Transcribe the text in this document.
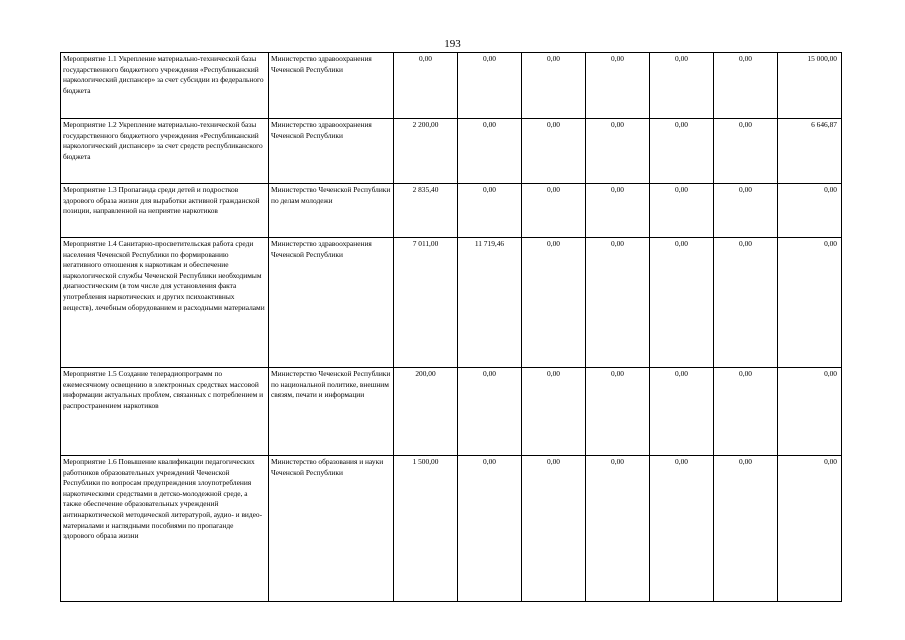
193
Мероприятие 1.1 Укрепление материально-технической базы государственного бюджетного учреждения «Республиканский наркологический диспансер» за счет субсидии из федерального бюджета	Министерство здравоохранения Чеченской Республики	0,00	0,00	0,00	0,00	0,00	0,00	15 000,00
Мероприятие 1.2 Укрепление материально-технической базы государственного бюджетного учреждения «Республиканский наркологический диспансер» за счет средств республиканского бюджета	Министерство здравоохранения Чеченской Республики	2 200,00	0,00	0,00	0,00	0,00	0,00	6 646,87
Мероприятие 1.3 Пропаганда среди детей и подростков здорового образа жизни для выработки активной гражданской позиции, направленной на неприятие наркотиков	Министерство Чеченской Республики по делам молодежи	2 835,40	0,00	0,00	0,00	0,00	0,00	0,00
Мероприятие 1.4 Санитарно-просветительская работа среди населения Чеченской Республики по формированию негативного отношения к наркотикам и обеспечение наркологической службы Чеченской Республики необходимым диагностическим (в том числе для установления факта употребления наркотических и других психоактивных веществ), лечебным оборудованием и расходными материалами	Министерство здравоохранения Чеченской Республики	7 011,00	11 719,46	0,00	0,00	0,00	0,00	0,00
Мероприятие 1.5 Создание телерадиопрограмм по ежемесячному освещению в электронных средствах массовой информации актуальных проблем, связанных с потреблением и распространением наркотиков	Министерство Чеченской Республики по национальной политике, внешним связям, печати и информации	200,00	0,00	0,00	0,00	0,00	0,00	0,00
Мероприятие 1.6 Повышение квалификации педагогических работников образовательных учреждений Чеченской Республики по вопросам предупреждения злоупотребления наркотическими средствами в детско-молодежной среде, а также обеспечение образовательных учреждений антинаркотической методической литературой, аудио- и видео-материалами и наглядными пособиями по пропаганде здорового образа жизни	Министерство образования и науки Чеченской Республики	1 500,00	0,00	0,00	0,00	0,00	0,00	0,00
